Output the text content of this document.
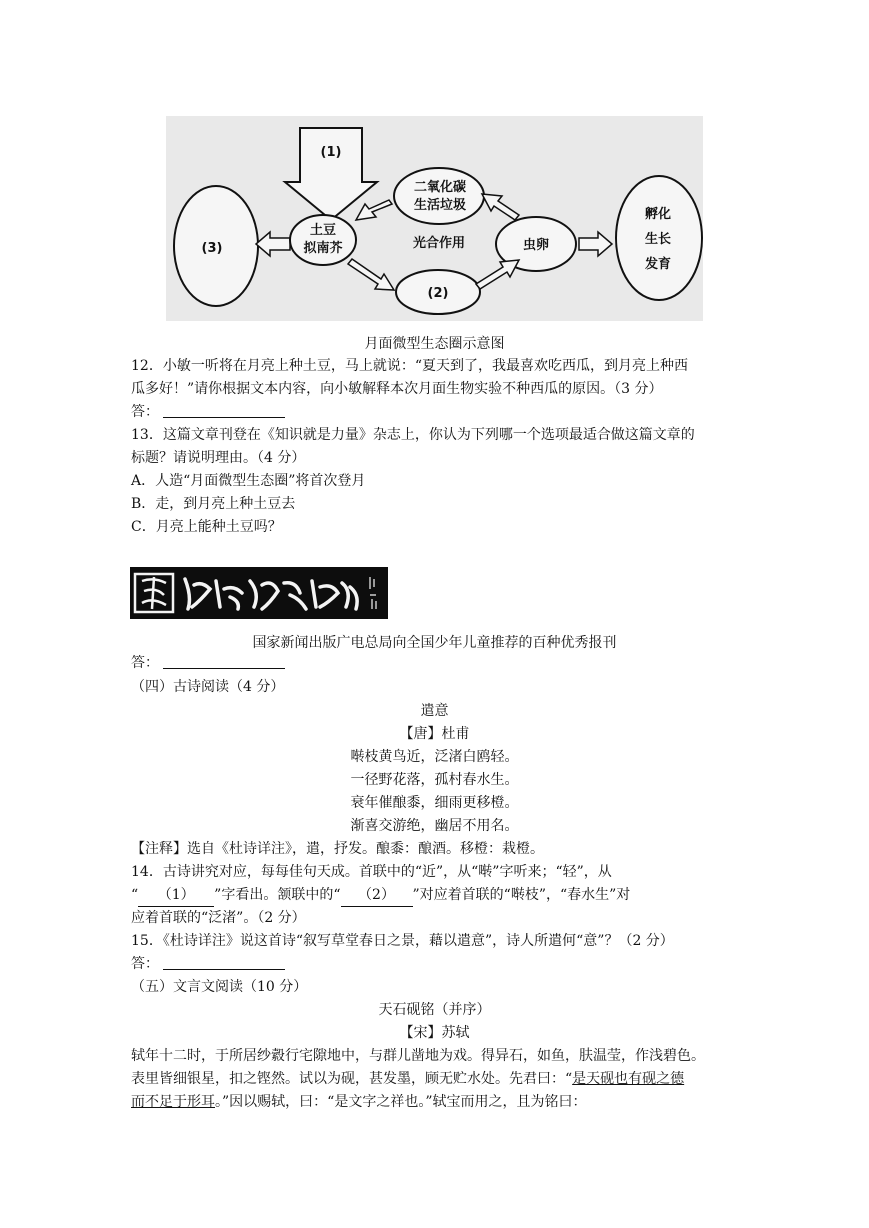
(1)
(3)
土豆
拟南芥
二氧化碳
生活垃圾
光合作用
(2)
虫卵
孵化
生长
发育
月面微型生态圈示意图
12．小敏一听将在月亮上种土豆，马上就说：“夏天到了，我最喜欢吃西瓜，到月亮上种西
瓜多好！”请你根据文本内容，向小敏解释本次月面生物实验不种西瓜的原因。（3 分）
答：
13．这篇文章刊登在《知识就是力量》杂志上，你认为下列哪一个选项最适合做这篇文章的
标题？请说明理由。（4 分）
A．人造“月面微型生态圈”将首次登月
B．走，到月亮上种土豆去
C．月亮上能种土豆吗？
国家新闻出版广电总局向全国少年儿童推荐的百种优秀报刊
答：
（四）古诗阅读（4 分）
遣意
【唐】杜甫
啭枝黄鸟近，泛渚白鸥轻。
一径野花落，孤村春水生。
衰年催酿黍，细雨更移橙。
渐喜交游绝，幽居不用名。
【注释】选自《杜诗详注》，遣，抒发。酿黍：酿酒。移橙：栽橙。
14．古诗讲究对应，每每佳句天成。首联中的“近”，从“啭”字听来；“轻”，从
“ （1） ”字看出。颔联中的“ （2） ”对应着首联的“啭枝”，“春水生”对
应着首联的“泛渚”。（2 分）
15．《杜诗详注》说这首诗“叙写草堂春日之景，藉以遣意”，诗人所遣何“意”？（2 分）
答：
（五）文言文阅读（10 分）
天石砚铭（并序）
【宋】苏轼
轼年十二时，于所居纱縠行宅隙地中，与群儿凿地为戏。得异石，如鱼，肤温莹，作浅碧色。
表里皆细银星，扣之铿然。试以为砚，甚发墨，顾无贮水处。先君曰：“是天砚也有砚之德
而不足于形耳。”因以赐轼，曰：“是文字之祥也。”轼宝而用之，且为铭曰：
